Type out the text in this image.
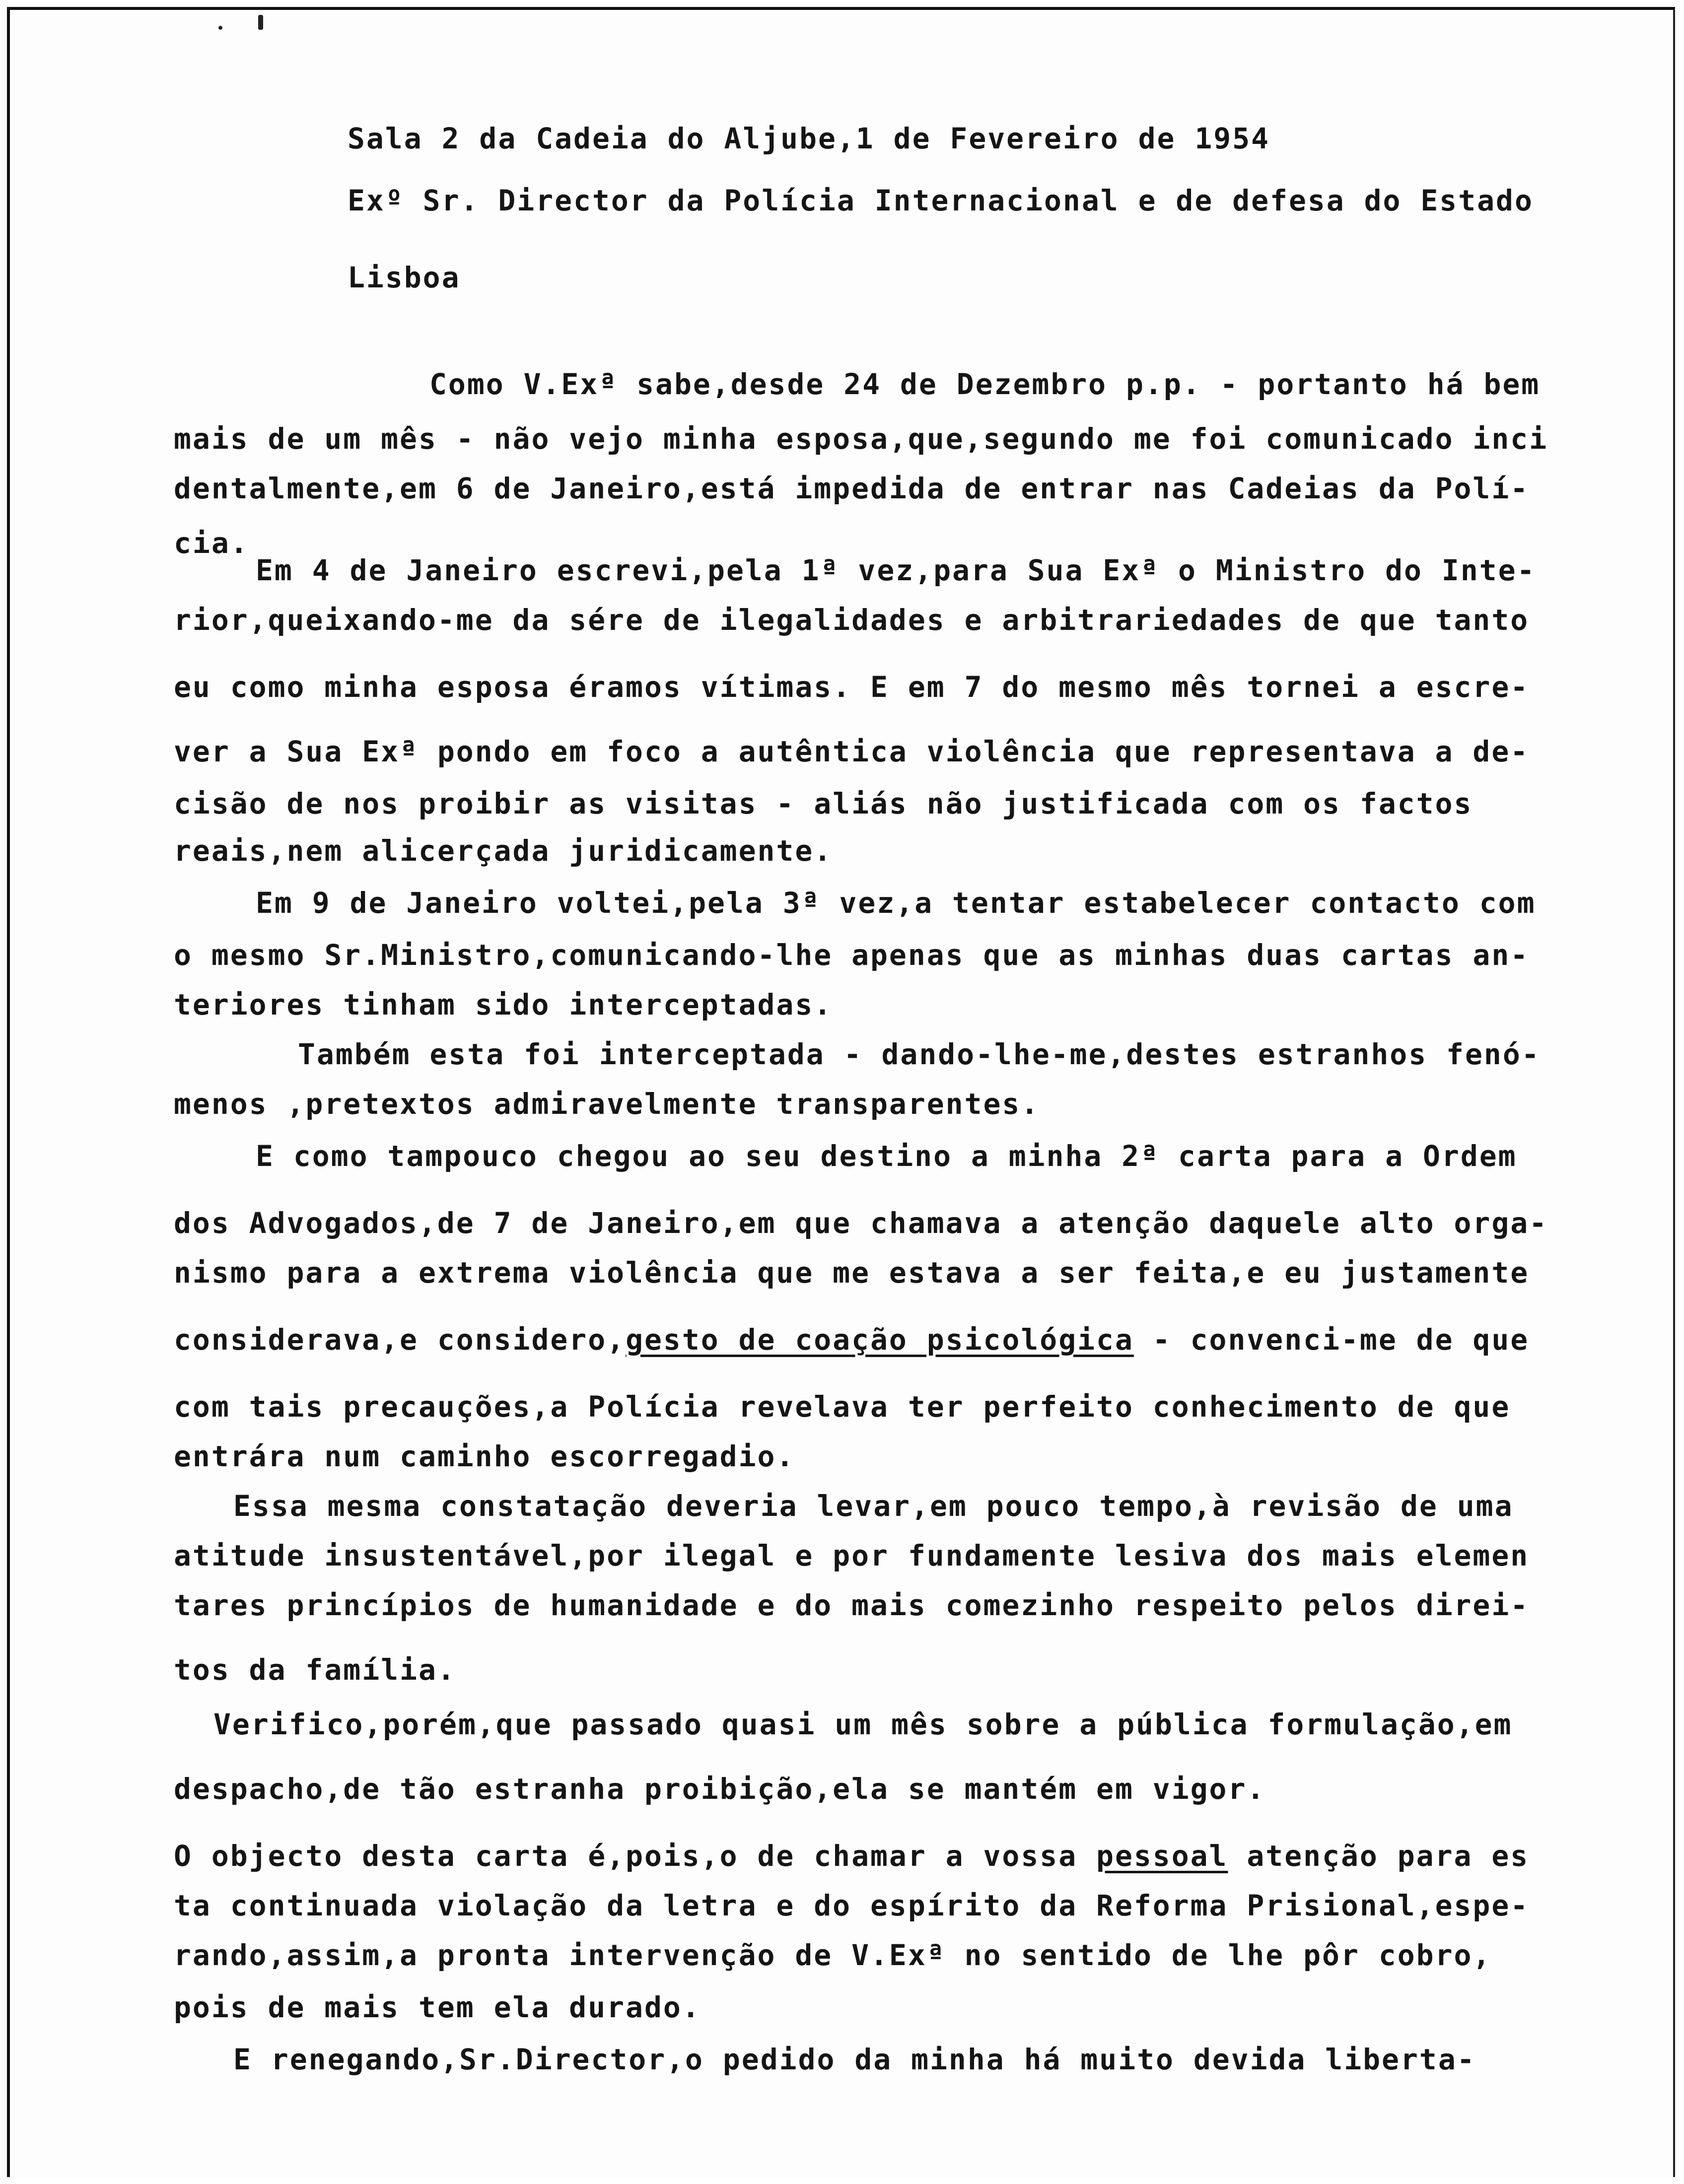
Sala 2 da Cadeia do Aljube,1 de Fevereiro de 1954
Exº Sr. Director da Polícia Internacional e de defesa do Estado
Lisboa
Como V.Exª sabe,desde 24 de Dezembro p.p. - portanto há bem
mais de um mês - não vejo minha esposa,que,segundo me foi comunicado inci
dentalmente,em 6 de Janeiro,está impedida de entrar nas Cadeias da Polí-
cia.
Em 4 de Janeiro escrevi,pela 1ª vez,para Sua Exª o Ministro do Inte-
rior,queixando-me da sére de ilegalidades e arbitrariedades de que tanto
eu como minha esposa éramos vítimas. E em 7 do mesmo mês tornei a escre-
ver a Sua Exª pondo em foco a autêntica violência que representava a de-
cisão de nos proibir as visitas - aliás não justificada com os factos
reais,nem alicerçada juridicamente.
Em 9 de Janeiro voltei,pela 3ª vez,a tentar estabelecer contacto com
o mesmo Sr.Ministro,comunicando-lhe apenas que as minhas duas cartas an-
teriores tinham sido interceptadas.
Também esta foi interceptada - dando-lhe-me,destes estranhos fenó-
menos ,pretextos admiravelmente transparentes.
E como tampouco chegou ao seu destino a minha 2ª carta para a Ordem
dos Advogados,de 7 de Janeiro,em que chamava a atenção daquele alto orga-
nismo para a extrema violência que me estava a ser feita,e eu justamente
considerava,e considero,gesto de coação psicológica - convenci-me de que
com tais precauções,a Polícia revelava ter perfeito conhecimento de que
entrára num caminho escorregadio.
Essa mesma constatação deveria levar,em pouco tempo,à revisão de uma
atitude insustentável,por ilegal e por fundamente lesiva dos mais elemen
tares princípios de humanidade e do mais comezinho respeito pelos direi-
tos da família.
Verifico,porém,que passado quasi um mês sobre a pública formulação,em
despacho,de tão estranha proibição,ela se mantém em vigor.
O objecto desta carta é,pois,o de chamar a vossa pessoal atenção para es
ta continuada violação da letra e do espírito da Reforma Prisional,espe-
rando,assim,a pronta intervenção de V.Exª no sentido de lhe pôr cobro,
pois de mais tem ela durado.
E renegando,Sr.Director,o pedido da minha há muito devida liberta-
